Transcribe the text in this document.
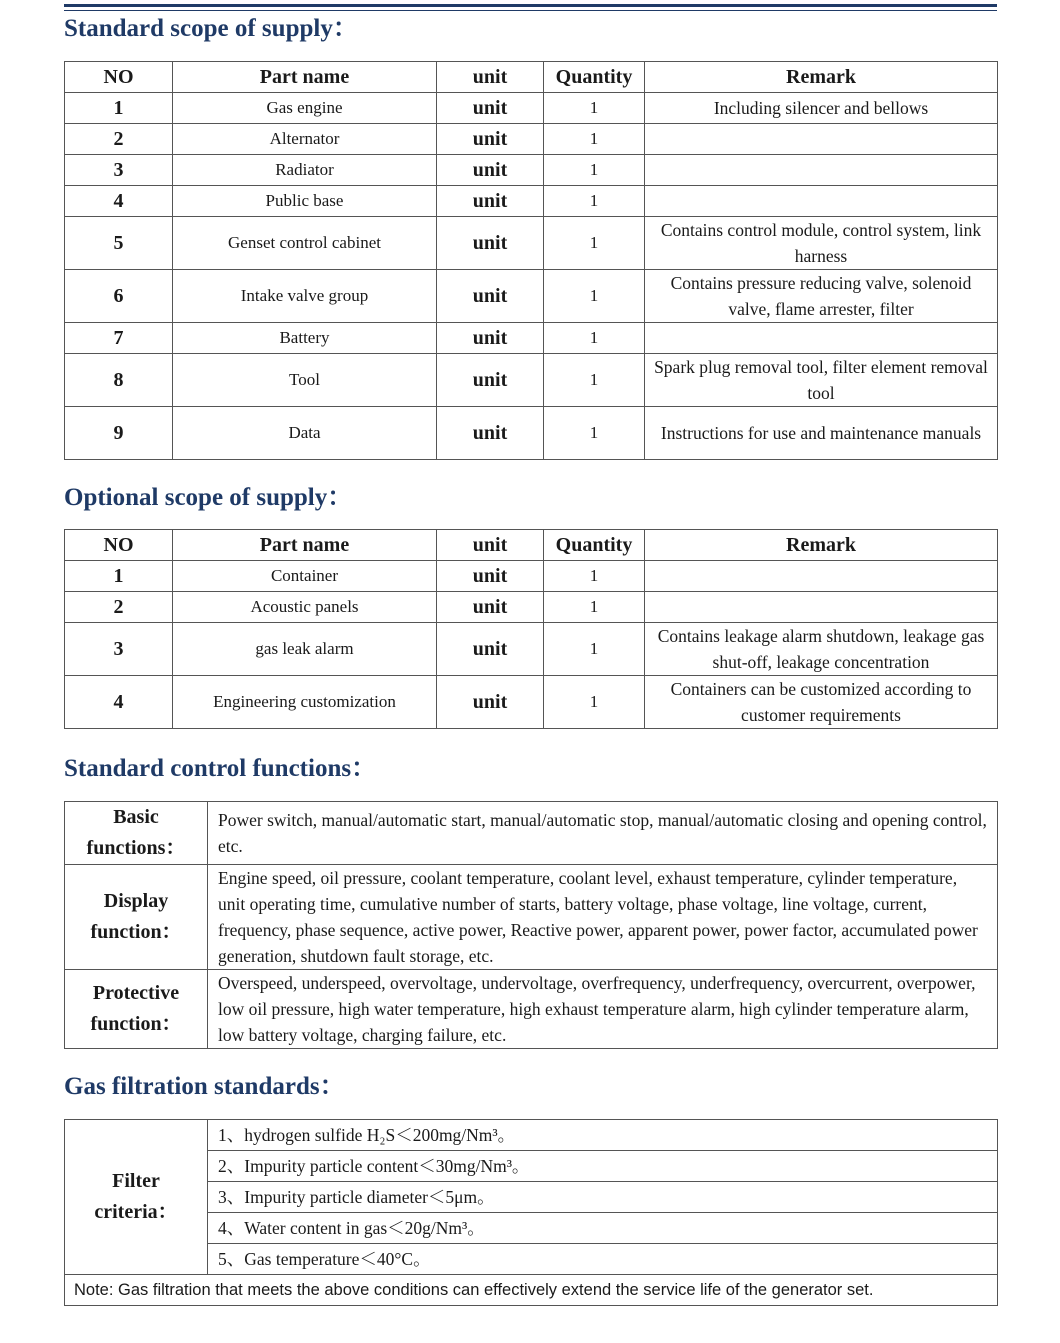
Standard scope of supply：
NO	Part name	unit	Quantity	Remark
1	Gas engine	unit	1	Including silencer and bellows
2	Alternator	unit	1	
3	Radiator	unit	1	
4	Public base	unit	1	
5	Genset control cabinet	unit	1	Contains control module, control system, link harness
6	Intake valve group	unit	1	Contains pressure reducing valve, solenoid valve, flame arrester, filter
7	Battery	unit	1	
8	Tool	unit	1	Spark plug removal tool, filter element removal tool
9	Data	unit	1	Instructions for use and maintenance manuals
Optional scope of supply：
NO	Part name	unit	Quantity	Remark
1	Container	unit	1	
2	Acoustic panels	unit	1	
3	gas leak alarm	unit	1	Contains leakage alarm shutdown, leakage gas shut-off, leakage concentration
4	Engineering customization	unit	1	Containers can be customized according to customer requirements
Standard control functions：
Basic functions：	Power switch, manual/automatic start, manual/automatic stop, manual/automatic closing and opening control, etc.
Display function：	Engine speed, oil pressure, coolant temperature, coolant level, exhaust temperature, cylinder temperature, unit operating time, cumulative number of starts, battery voltage, phase voltage, line voltage, current, frequency, phase sequence, active power, Reactive power, apparent power, power factor, accumulated power generation, shutdown fault storage, etc.
Protective function：	Overspeed, underspeed, overvoltage, undervoltage, overfrequency, underfrequency, overcurrent, overpower, low oil pressure, high water temperature, high exhaust temperature alarm, high cylinder temperature alarm, low battery voltage, charging failure, etc.
Gas filtration standards：
Filter criteria：	1、hydrogen sulfide H₂S＜200mg/Nm³。
2、Impurity particle content＜30mg/Nm³。
3、Impurity particle diameter＜5μm。
4、Water content in gas＜20g/Nm³。
5、Gas temperature＜40°C。
Note: Gas filtration that meets the above conditions can effectively extend the service life of the generator set.
